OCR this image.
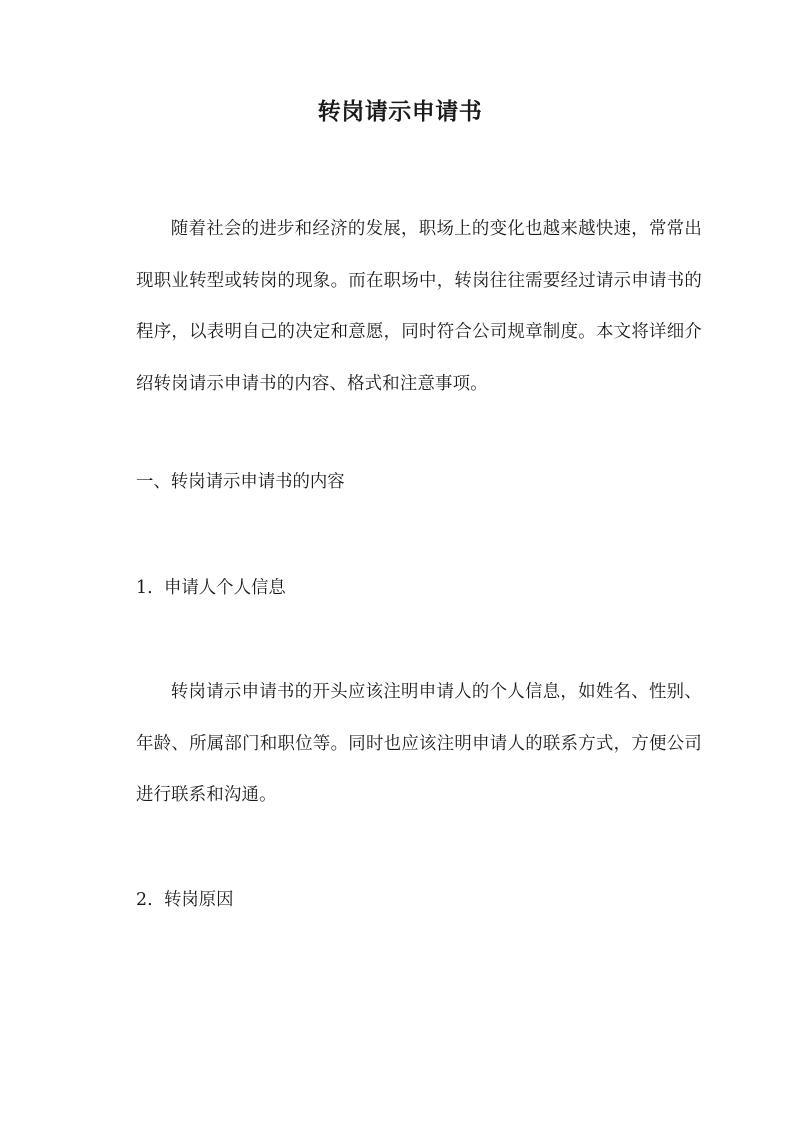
转岗请示申请书

随着社会的进步和经济的发展，职场上的变化也越来越快速，常常出现职业转型或转岗的现象。而在职场中，转岗往往需要经过请示申请书的程序，以表明自己的决定和意愿，同时符合公司规章制度。本文将详细介绍转岗请示申请书的内容、格式和注意事项。

一、转岗请示申请书的内容
1. 申请人个人信息

转岗请示申请书的开头应该注明申请人的个人信息，如姓名、性别、年龄、所属部门和职位等。同时也应该注明申请人的联系方式，方便公司进行联系和沟通。

2. 转岗原因
